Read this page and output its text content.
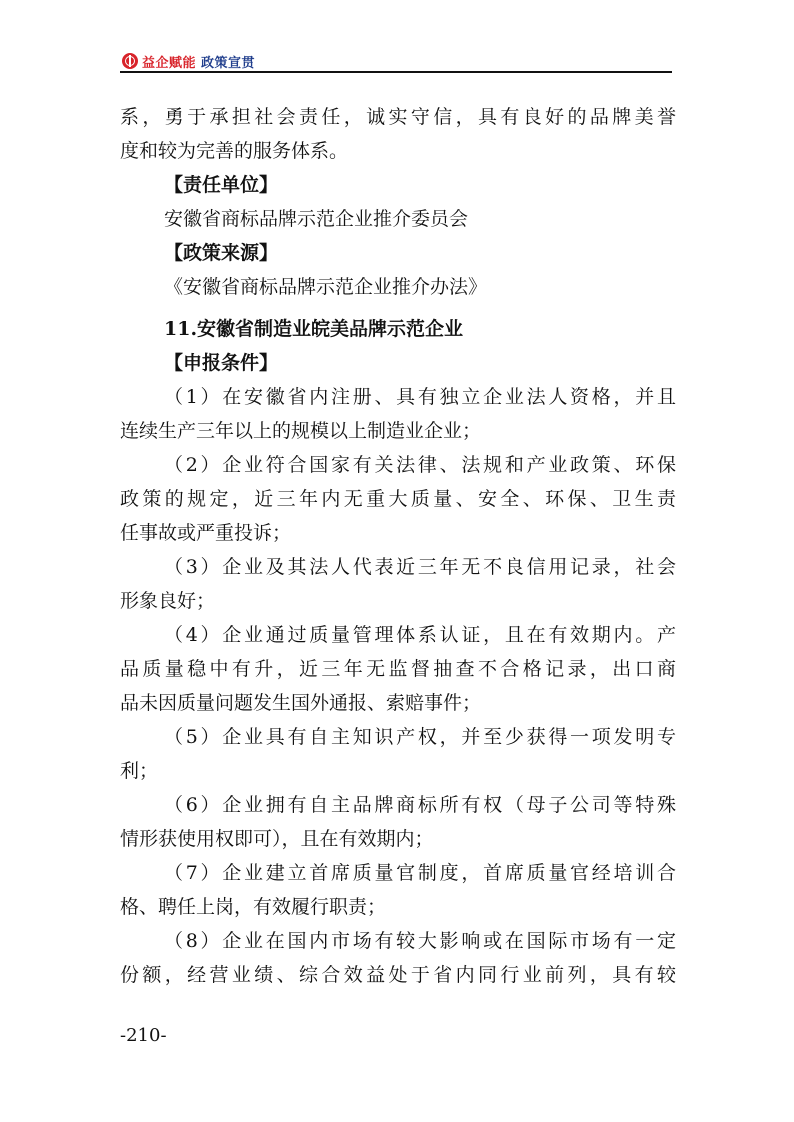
益企赋能 政策宣贯
系，勇于承担社会责任，诚实守信，具有良好的品牌美誉
度和较为完善的服务体系。
【责任单位】
安徽省商标品牌示范企业推介委员会
【政策来源】
《安徽省商标品牌示范企业推介办法》
11.安徽省制造业皖美品牌示范企业
【申报条件】
（1）在安徽省内注册、具有独立企业法人资格，并且
连续生产三年以上的规模以上制造业企业；
（2）企业符合国家有关法律、法规和产业政策、环保
政策的规定，近三年内无重大质量、安全、环保、卫生责
任事故或严重投诉；
（3）企业及其法人代表近三年无不良信用记录，社会
形象良好；
（4）企业通过质量管理体系认证，且在有效期内。产
品质量稳中有升，近三年无监督抽查不合格记录，出口商
品未因质量问题发生国外通报、索赔事件；
（5）企业具有自主知识产权，并至少获得一项发明专
利；
（6）企业拥有自主品牌商标所有权（母子公司等特殊
情形获使用权即可），且在有效期内；
（7）企业建立首席质量官制度，首席质量官经培训合
格、聘任上岗，有效履行职责；
（8）企业在国内市场有较大影响或在国际市场有一定
份额，经营业绩、综合效益处于省内同行业前列，具有较
-210-
